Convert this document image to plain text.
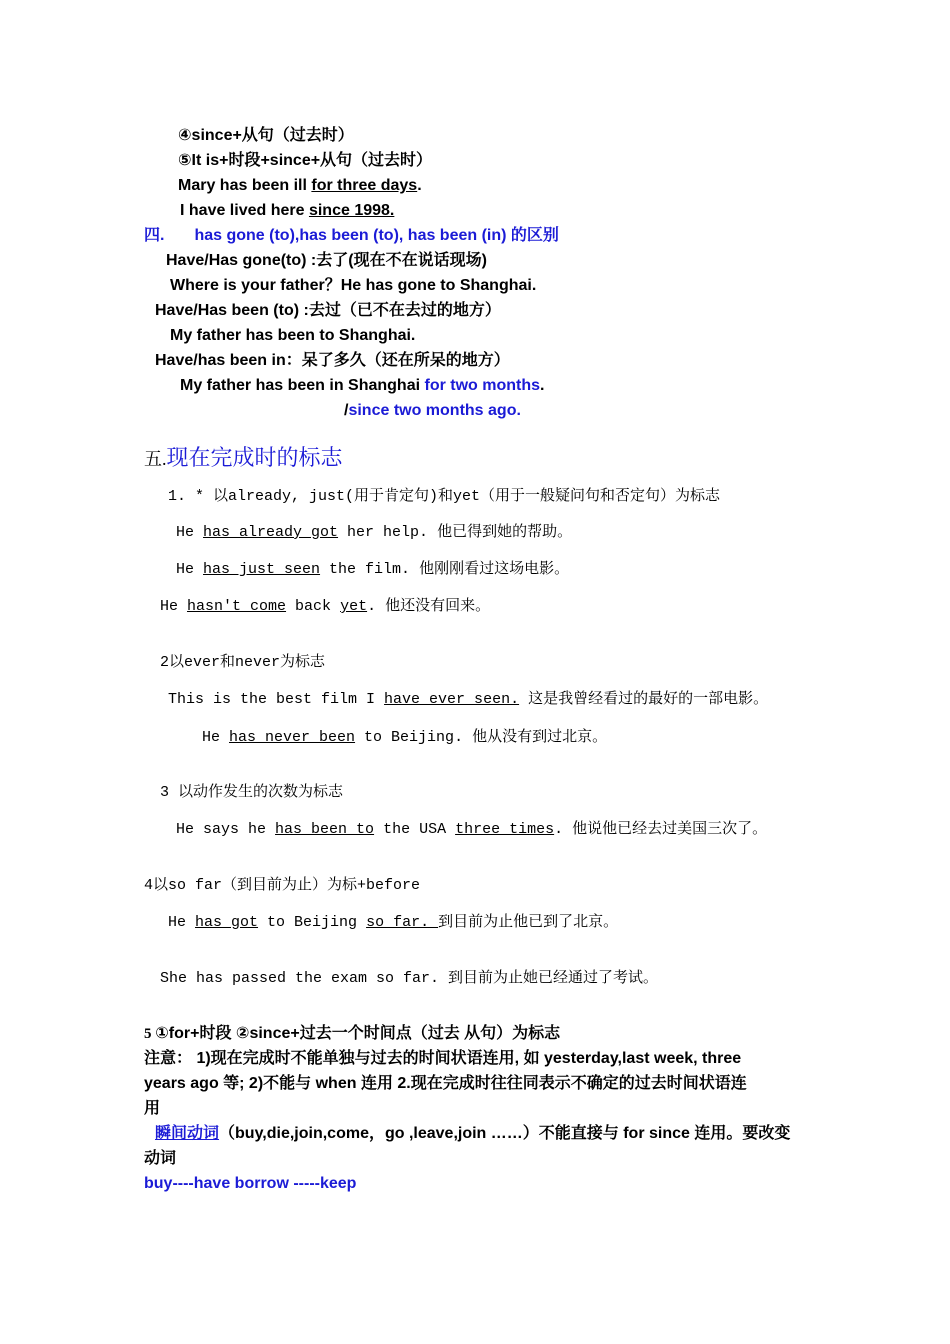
④since+从句（过去时）
⑤It is+时段+since+从句（过去时）
Mary has been ill for three days.
I have lived here since 1998.
四. has gone (to),has been (to), has been (in) 的区别
Have/Has gone(to) :去了(现在不在说话现场)
Where is your father？He has gone to Shanghai.
Have/Has been (to) :去过（已不在去过的地方）
My father has been to Shanghai.
Have/has been in：呆了多久（还在所呆的地方）
My father has been in Shanghai for two months.
/since two months ago.
五.现在完成时的标志
1. * 以already, just(用于肯定句)和yet（用于一般疑问句和否定句）为标志
He has already got her help. 他已得到她的帮助。
He has just seen the film. 他刚刚看过这场电影。
He hasn't come back yet. 他还没有回来。
2以ever和never为标志
This is the best film I have ever seen. 这是我曾经看过的最好的一部电影。
He has never been to Beijing. 他从没有到过北京。
3 以动作发生的次数为标志
He says he has been to the USA three times. 他说他已经去过美国三次了。
4以so far（到目前为止）为标+before
He has got to Beijing so far. 到目前为止他已到了北京。
She has passed the exam so far. 到目前为止她已经通过了考试。
5 ①for+时段 ②since+过去一个时间点（过去 从句）为标志
注意： 1)现在完成时不能单独与过去的时间状语连用, 如 yesterday,last week, three
years ago 等; 2)不能与 when 连用 2.现在完成时往往同表示不确定的过去时间状语连
用
瞬间动词（buy,die,join,come，go ,leave,join ……）不能直接与 for since 连用。要改变
动词
buy----have borrow -----keep
